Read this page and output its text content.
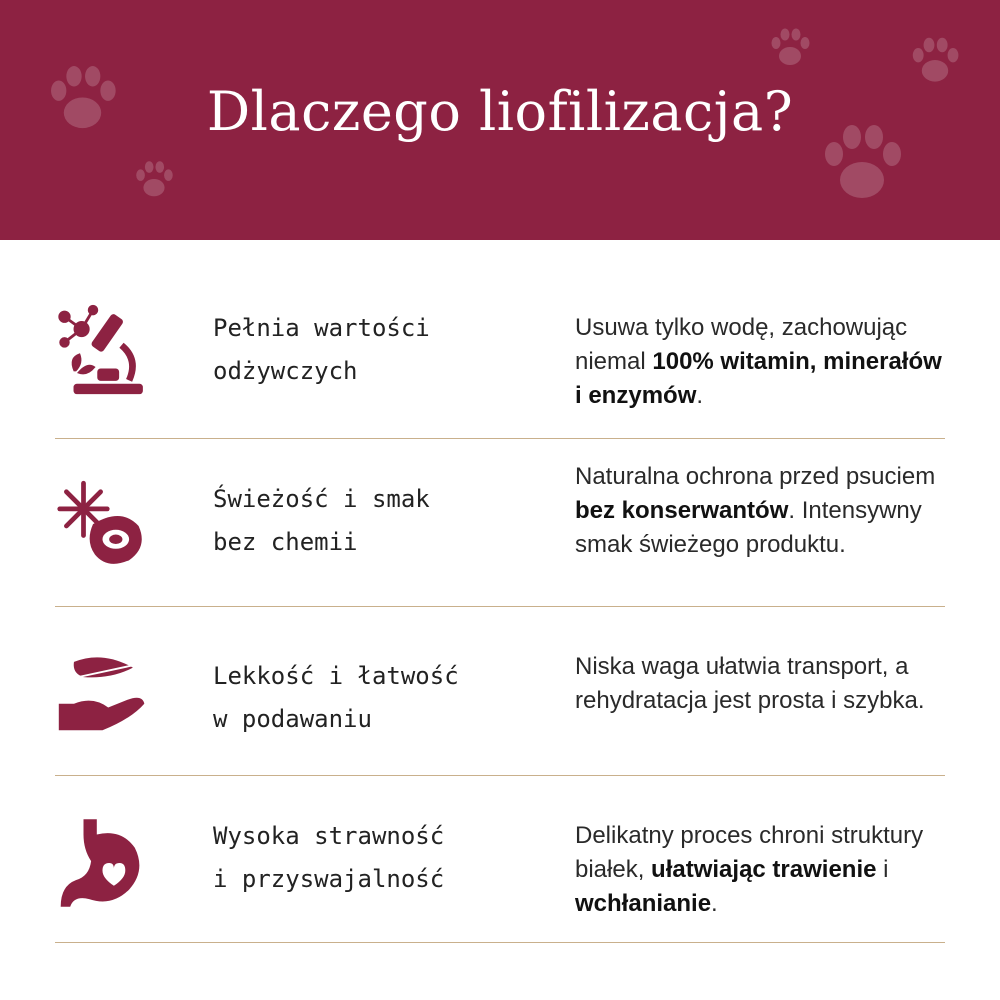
Dlaczego liofilizacja?
Pełnia wartości
odżywczych
Usuwa tylko wodę, zachowując niemal 100% witamin, minerałów i enzymów.
Świeżość i smak
bez chemii
Naturalna ochrona przed psuciem bez konserwantów. Intensywny smak świeżego produktu.
Lekkość i łatwość
w podawaniu
Niska waga ułatwia transport, a rehydratacja jest prosta i szybka.
Wysoka strawność
i przyswajalność
Delikatny proces chroni struktury białek, ułatwiając trawienie i wchłanianie.
